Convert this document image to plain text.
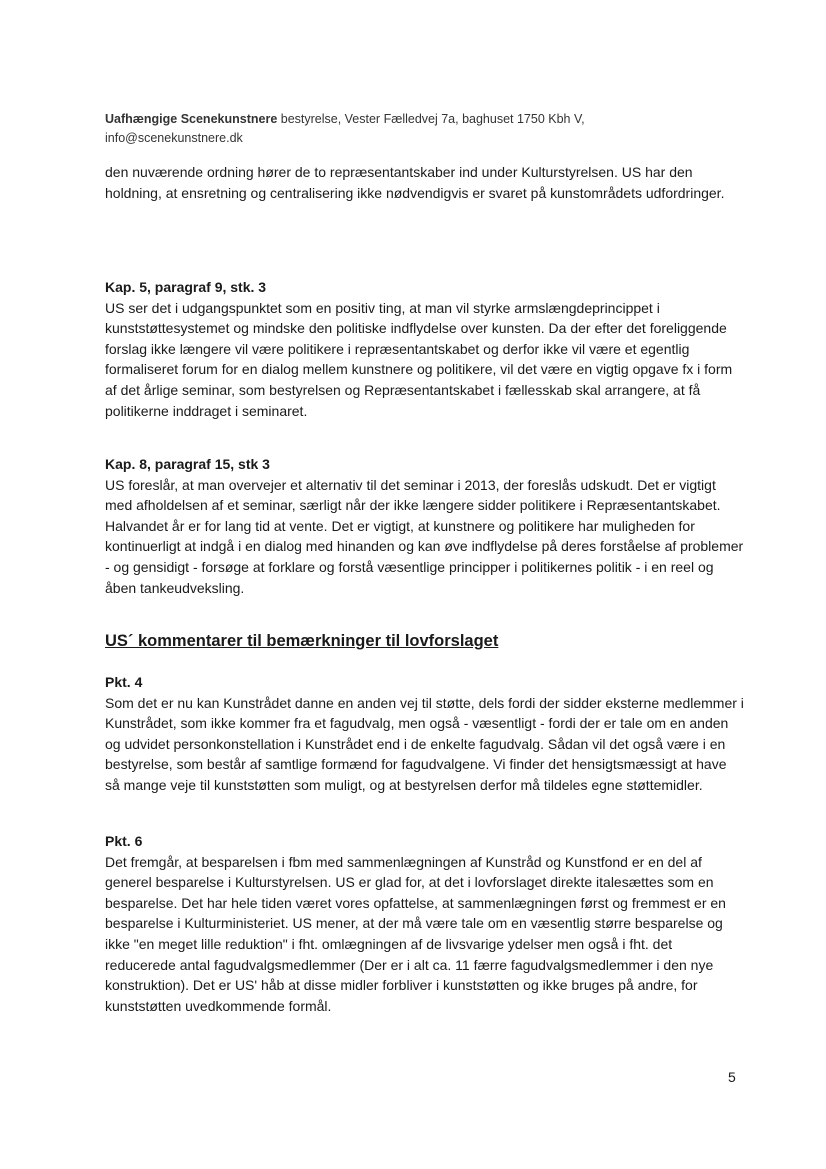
Uafhængige Scenekunstnere bestyrelse, Vester Fælledvej 7a, baghuset 1750 Kbh V,
info@scenekunstnere.dk

den nuværende ordning hører de to repræsentantskaber ind under Kulturstyrelsen. US har den holdning, at ensretning og centralisering ikke nødvendigvis er svaret på kunstområdets udfordringer.

Kap. 5, paragraf 9, stk. 3

US ser det i udgangspunktet som en positiv ting, at man vil styrke armslængdeprincippet i kunststøttesystemet og mindske den politiske indflydelse over kunsten. Da der efter det foreliggende forslag ikke længere vil være politikere i repræsentantskabet og derfor ikke vil være et egentlig formaliseret forum for en dialog mellem kunstnere og politikere, vil det være en vigtig opgave fx i form af det årlige seminar, som bestyrelsen og Repræsentantskabet i fællesskab skal arrangere, at få politikerne inddraget i seminaret.

Kap. 8, paragraf 15, stk 3

US foreslår, at man overvejer et alternativ til det seminar i 2013, der foreslås udskudt. Det er vigtigt med afholdelsen af et seminar, særligt når der ikke længere sidder politikere i Repræsentantskabet. Halvandet år er for lang tid at vente. Det er vigtigt, at kunstnere og politikere har muligheden for kontinuerligt at indgå i en dialog med hinanden og kan øve indflydelse på deres forståelse af problemer - og gensidigt - forsøge at forklare og forstå væsentlige principper i politikernes politik - i en reel og åben tankeudveksling.

US´ kommentarer til bemærkninger til lovforslaget

Pkt. 4

Som det er nu kan Kunstrådet danne en anden vej til støtte, dels fordi der sidder eksterne medlemmer i Kunstrådet, som ikke kommer fra et fagudvalg, men også - væsentligt - fordi der er tale om en anden og udvidet personkonstellation i Kunstrådet end i de enkelte fagudvalg. Sådan vil det også være i en bestyrelse, som består af samtlige formænd for fagudvalgene. Vi finder det hensigtsmæssigt at have så mange veje til kunststøtten som muligt, og at bestyrelsen derfor må tildeles egne støttemidler.

Pkt. 6

Det fremgår, at besparelsen i fbm med sammenlægningen af Kunstråd og Kunstfond er en del af generel besparelse i Kulturstyrelsen. US er glad for, at det i lovforslaget direkte italesættes som en besparelse. Det har hele tiden været vores opfattelse, at sammenlægningen først og fremmest er en besparelse i Kulturministeriet. US mener, at der må være tale om en væsentlig større besparelse og ikke "en meget lille reduktion" i fht. omlægningen af de livsvarige ydelser men også i fht. det reducerede antal fagudvalgsmedlemmer (Der er i alt ca. 11 færre fagudvalgsmedlemmer i den nye konstruktion). Det er US' håb at disse midler forbliver i kunststøtten og ikke bruges på andre, for kunststøtten uvedkommende formål.

5
